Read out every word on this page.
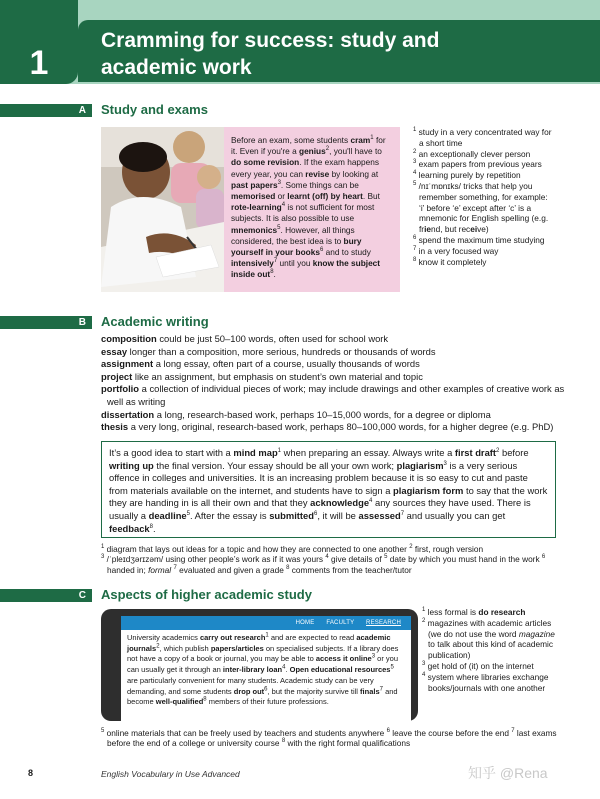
1
Cramming for success: study and academic work
A	Study and exams

Before an exam, some students cram$^1$ for it. Even if you're a genius$^2$, you'll have to do some revision. If the exam happens every year, you can revise by looking at past papers$^3$. Some things can be memorised or learnt (off) by heart. But rote-learning$^4$ is not sufficient for most subjects. It is also possible to use mnemonics$^5$. However, all things considered, the best idea is to bury yourself in your books$^6$ and to study intensively$^7$ until you know the subject inside out$^8$.

$^1$ study in a very concentrated way for a short time
$^2$ an exceptionally clever person
$^3$ exam papers from previous years
$^4$ learning purely by repetition
$^5$ /nɪˈmɒnɪks/ tricks that help you remember something, for example: ‘i’ before ‘e’ except after ‘c’ is a mnemonic for English spelling (e.g. friend, but receive)
$^6$ spend the maximum time studying
$^7$ in a very focused way
$^8$ know it completely
B	Academic writing
composition could be just 50–100 words, often used for school work
essay longer than a composition, more serious, hundreds or thousands of words
assignment a long essay, often part of a course, usually thousands of words
project like an assignment, but emphasis on student’s own material and topic
portfolio a collection of individual pieces of work; may include drawings and other examples of creative work as well as writing
dissertation a long, research-based work, perhaps 10–15,000 words, for a degree or diploma
thesis a very long, original, research-based work, perhaps 80–100,000 words, for a higher degree (e.g. PhD)

It’s a good idea to start with a mind map$^1$ when preparing an essay. Always write a first draft$^2$ before writing up the final version. Your essay should be all your own work; plagiarism$^3$ is a very serious offence in colleges and universities. It is an increasing problem because it is so easy to cut and paste from materials available on the internet, and students have to sign a plagiarism form to say that the work they are handing in is all their own and that they acknowledge$^4$ any sources they have used. There is usually a deadline$^5$. After the essay is submitted$^6$, it will be assessed$^7$ and usually you can get feedback$^8$.

$^1$ diagram that lays out ideas for a topic and how they are connected to one another $^2$ first, rough version
$^3$ /ˈpleɪdʒərɪzəm/ using other people’s work as if it was yours $^4$ give details of $^5$ date by which you must hand in the work $^6$ handed in; formal $^7$ evaluated and given a grade $^8$ comments from the teacher/tutor
C	Aspects of higher academic study
HOME FACULTY RESEARCH
University academics carry out research$^1$ and are expected to read academic journals$^2$, which publish papers/articles on specialised subjects. If a library does not have a copy of a book or journal, you may be able to access it online$^3$ or you can usually get it through an inter-library loan$^4$. Open educational resources$^5$ are particularly convenient for many students. Academic study can be very demanding, and some students drop out$^6$, but the majority survive till finals$^7$ and become well-qualified$^8$ members of their future professions.
$^1$ less formal is do research
$^2$ magazines with academic articles (we do not use the word magazine to talk about this kind of academic publication)
$^3$ get hold of (it) on the internet
$^4$ system where libraries exchange books/journals with one another
$^5$ online materials that can be freely used by teachers and students anywhere $^6$ leave the course before the end $^7$ last exams before the end of a college or university course $^8$ with the right formal qualifications
8	English Vocabulary in Use Advanced	知乎 @Rena
